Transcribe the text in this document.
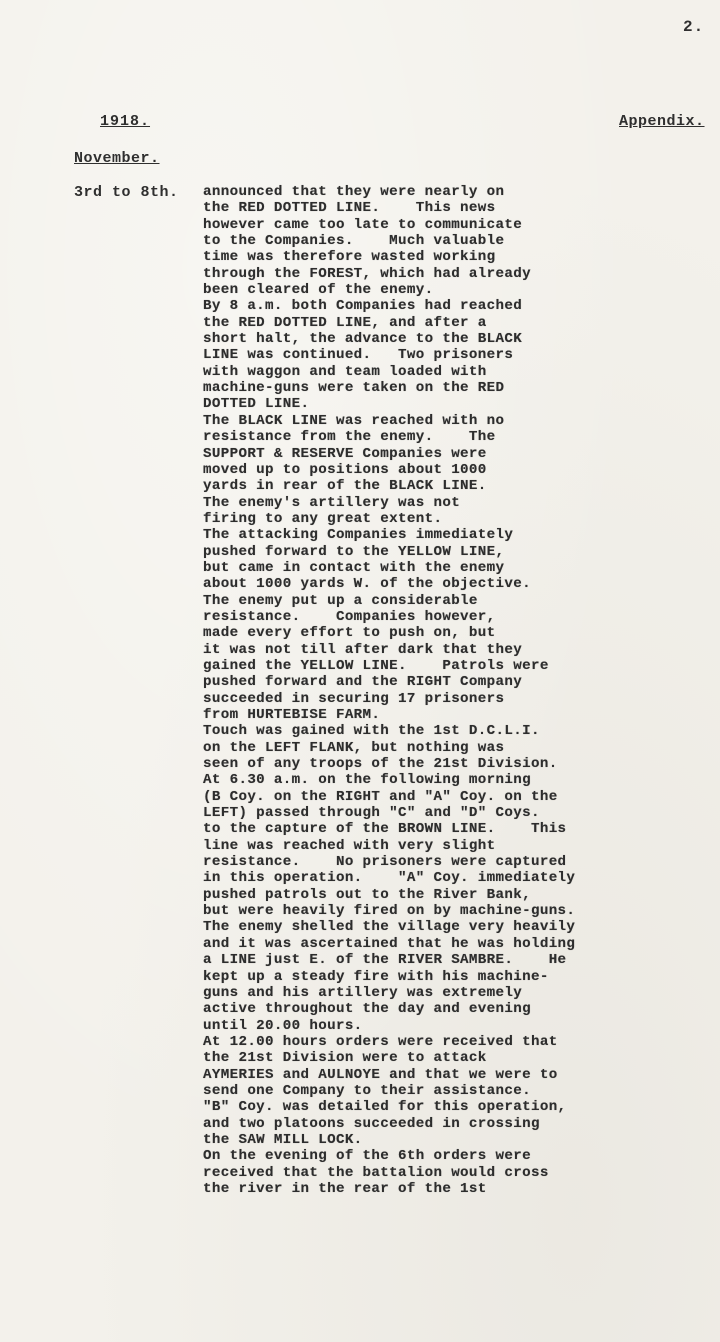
2.
1918.	Appendix.
November.
3rd to 8th. announced that they were nearly on
the RED DOTTED LINE.    This news
however came too late to communicate
to the Companies.    Much valuable
time was therefore wasted working
through the FOREST, which had already
been cleared of the enemy.
By 8 a.m. both Companies had reached
the RED DOTTED LINE, and after a
short halt, the advance to the BLACK
LINE was continued.   Two prisoners
with waggon and team loaded with
machine-guns were taken on the RED
DOTTED LINE.
The BLACK LINE was reached with no
resistance from the enemy.    The
SUPPORT & RESERVE Companies were
moved up to positions about 1000
yards in rear of the BLACK LINE.
The enemy's artillery was not
firing to any great extent.
The attacking Companies immediately
pushed forward to the YELLOW LINE,
but came in contact with the enemy
about 1000 yards W. of the objective.
The enemy put up a considerable
resistance.    Companies however,
made every effort to push on, but
it was not till after dark that they
gained the YELLOW LINE.    Patrols were
pushed forward and the RIGHT Company
succeeded in securing 17 prisoners
from HURTEBISE FARM.
Touch was gained with the 1st D.C.L.I.
on the LEFT FLANK, but nothing was
seen of any troops of the 21st Division.
At 6.30 a.m. on the following morning
(B Coy. on the RIGHT and "A" Coy. on the
LEFT) passed through "C" and "D" Coys.
to the capture of the BROWN LINE.    This
line was reached with very slight
resistance.    No prisoners were captured
in this operation.    "A" Coy. immediately
pushed patrols out to the River Bank,
but were heavily fired on by machine-guns.
The enemy shelled the village very heavily
and it was ascertained that he was holding
a LINE just E. of the RIVER SAMBRE.    He
kept up a steady fire with his machine-
guns and his artillery was extremely
active throughout the day and evening
until 20.00 hours.
At 12.00 hours orders were received that
the 21st Division were to attack
AYMERIES and AULNOYE and that we were to
send one Company to their assistance.
"B" Coy. was detailed for this operation,
and two platoons succeeded in crossing
the SAW MILL LOCK.
On the evening of the 6th orders were
received that the battalion would cross
the river in the rear of the 1st
